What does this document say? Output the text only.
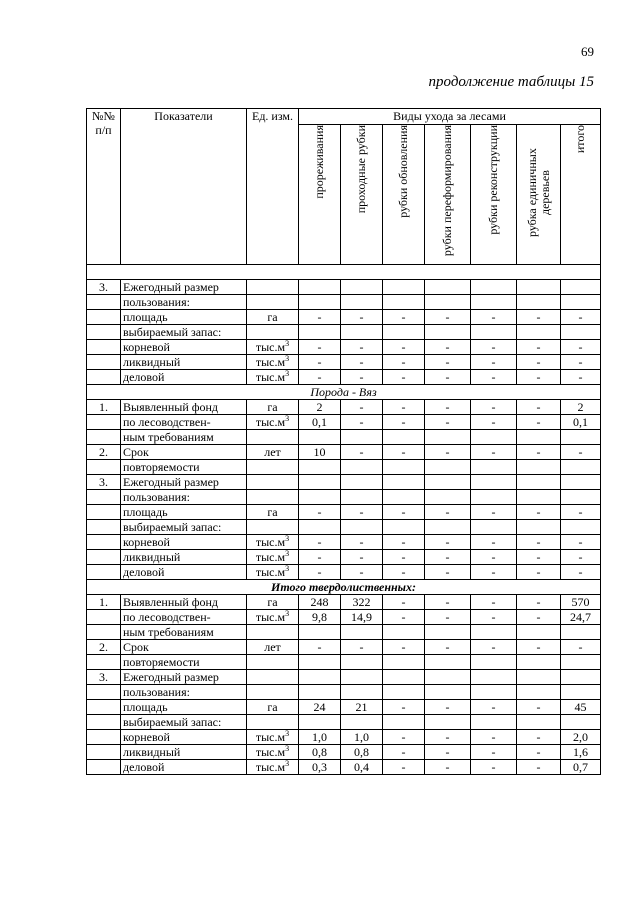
69
продолжение таблицы 15
№№ п/п	Показатели	Ед. изм.	Виды ухода за лесами						
			прореживания	проходные рубки	рубки обновления	рубки переформирования	рубки реконструкции	рубка единичных деревьев	итого

3.	Ежегодный размер								
	пользования:								
	площадь	га	-	-	-	-	-	-	-
	выбираемый запас:								
	корневой	$тыс.м^3$	-	-	-	-	-	-	-
	ликвидный	$тыс.м^3$	-	-	-	-	-	-	-
	деловой	$тыс.м^3$	-	-	-	-	-	-	-
Порода - Вяз									
1.	Выявленный фонд	га	2	-	-	-	-	-	2
	по лесоводствен-	$тыс.м^3$	0,1	-	-	-	-	-	0,1
	ным требованиям								
2.	Срок	лет	10	-	-	-	-	-	-
	повторяемости								
3.	Ежегодный размер								
	пользования:								
	площадь	га	-	-	-	-	-	-	-
	выбираемый запас:								
	корневой	$тыс.м^3$	-	-	-	-	-	-	-
	ликвидный	$тыс.м^3$	-	-	-	-	-	-	-
	деловой	$тыс.м^3$	-	-	-	-	-	-	-
Итого твердолиственных:									
1.	Выявленный фонд	га	248	322	-	-	-	-	570
	по лесоводствен-	$тыс.м^3$	9,8	14,9	-	-	-	-	24,7
	ным требованиям								
2.	Срок	лет	-	-	-	-	-	-	-
	повторяемости								
3.	Ежегодный размер								
	пользования:								
	площадь	га	24	21	-	-	-	-	45
	выбираемый запас:								
	корневой	$тыс.м^3$	1,0	1,0	-	-	-	-	2,0
	ликвидный	$тыс.м^3$	0,8	0,8	-	-	-	-	1,6
	деловой	$тыс.м^3$	0,3	0,4	-	-	-	-	0,7
